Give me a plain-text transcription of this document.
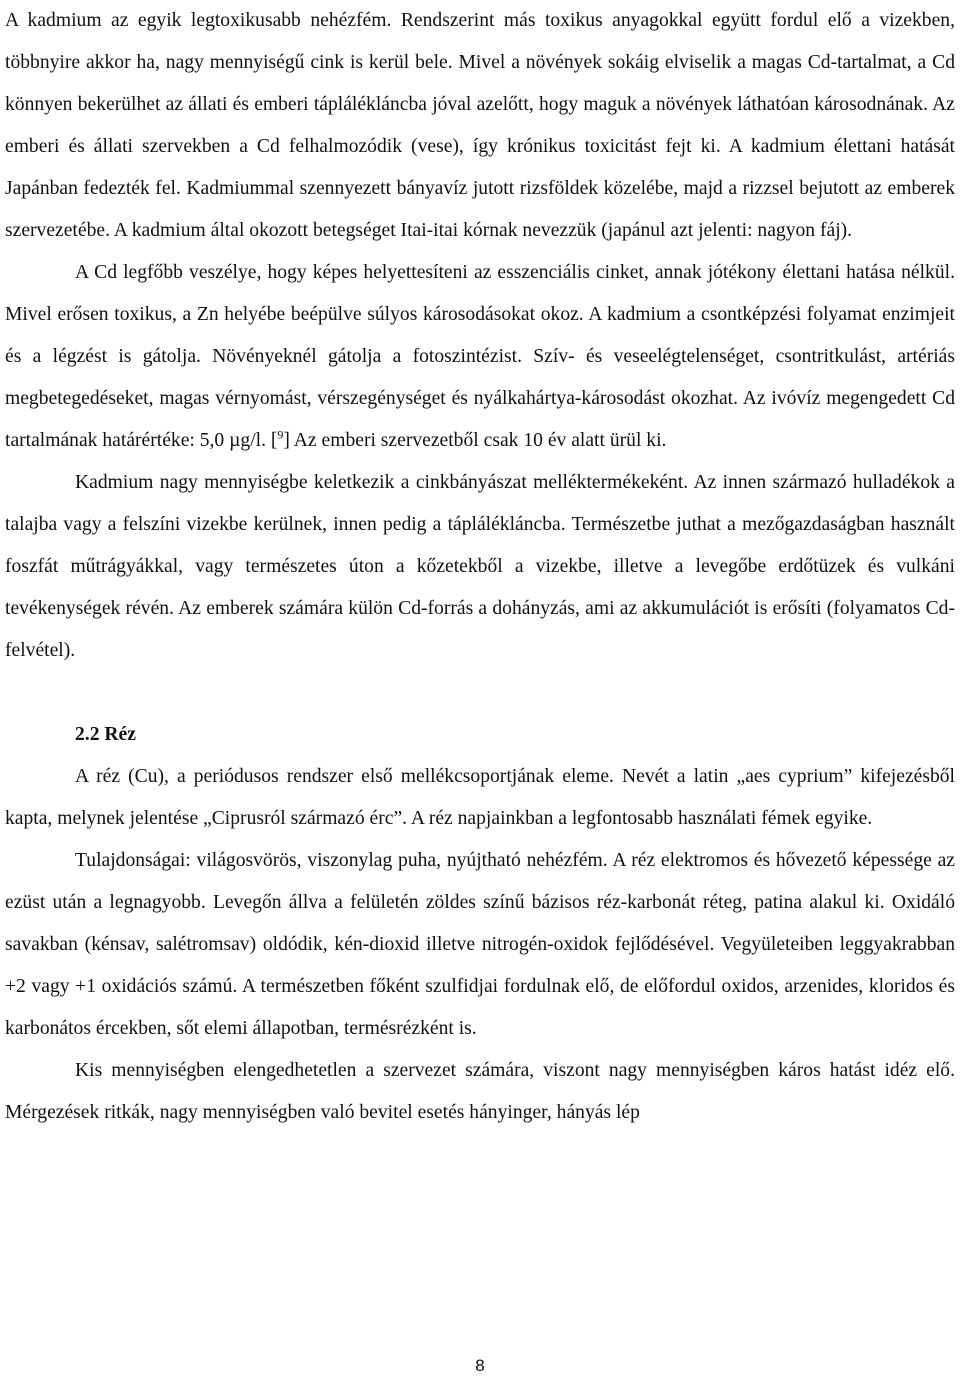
A kadmium az egyik legtoxikusabb nehézfém. Rendszerint más toxikus anyagokkal együtt fordul elő a vizekben, többnyire akkor ha, nagy mennyiségű cink is kerül bele. Mivel a növények sokáig elviselik a magas Cd-tartalmat, a Cd könnyen bekerülhet az állati és emberi táplálékláncba jóval azelőtt, hogy maguk a növények láthatóan károsodnának. Az emberi és állati szervekben a Cd felhalmozódik (vese), így krónikus toxicitást fejt ki. A kadmium élettani hatását Japánban fedezték fel. Kadmiummal szennyezett bányavíz jutott rizsföldek közelébe, majd a rizzsel bejutott az emberek szervezetébe. A kadmium által okozott betegséget Itai-itai kórnak nevezzük (japánul azt jelenti: nagyon fáj).

A Cd legfőbb veszélye, hogy képes helyettesíteni az esszenciális cinket, annak jótékony élettani hatása nélkül. Mivel erősen toxikus, a Zn helyébe beépülve súlyos károsodásokat okoz. A kadmium a csontképzési folyamat enzimjeit és a légzést is gátolja. Növényeknél gátolja a fotoszintézist. Szív- és veseelégtelenséget, csontritkulást, artériás megbetegedéseket, magas vérnyomást, vérszegénységet és nyálkahártya-károsodást okozhat. Az ivóvíz megengedett Cd tartalmának határértéke: 5,0 µg/l. [$^9$] Az emberi szervezetből csak 10 év alatt ürül ki.

Kadmium nagy mennyiségbe keletkezik a cinkbányászat melléktermékeként. Az innen származó hulladékok a talajba vagy a felszíni vizekbe kerülnek, innen pedig a táplálékláncba. Természetbe juthat a mezőgazdaságban használt foszfát műtrágyákkal, vagy természetes úton a kőzetekből a vizekbe, illetve a levegőbe erdőtüzek és vulkáni tevékenységek révén. Az emberek számára külön Cd-forrás a dohányzás, ami az akkumulációt is erősíti (folyamatos Cd-felvétel).

2.2 Réz

A réz (Cu), a periódusos rendszer első mellékcsoportjának eleme. Nevét a latin „aes cyprium” kifejezésből kapta, melynek jelentése „Ciprusról származó érc”. A réz napjainkban a legfontosabb használati fémek egyike.

Tulajdonságai: világosvörös, viszonylag puha, nyújtható nehézfém. A réz elektromos és hővezető képessége az ezüst után a legnagyobb. Levegőn állva a felületén zöldes színű bázisos réz-karbonát réteg, patina alakul ki. Oxidáló savakban (kénsav, salétromsav) oldódik, kén-dioxid illetve nitrogén-oxidok fejlődésével. Vegyületeiben leggyakrabban +2 vagy +1 oxidációs számú. A természetben főként szulfidjai fordulnak elő, de előfordul oxidos, arzenides, kloridos és karbonátos ércekben, sőt elemi állapotban, termésrézként is.

Kis mennyiségben elengedhetetlen a szervezet számára, viszont nagy mennyiségben káros hatást idéz elő. Mérgezések ritkák, nagy mennyiségben való bevitel esetés hányinger, hányás lép

8
